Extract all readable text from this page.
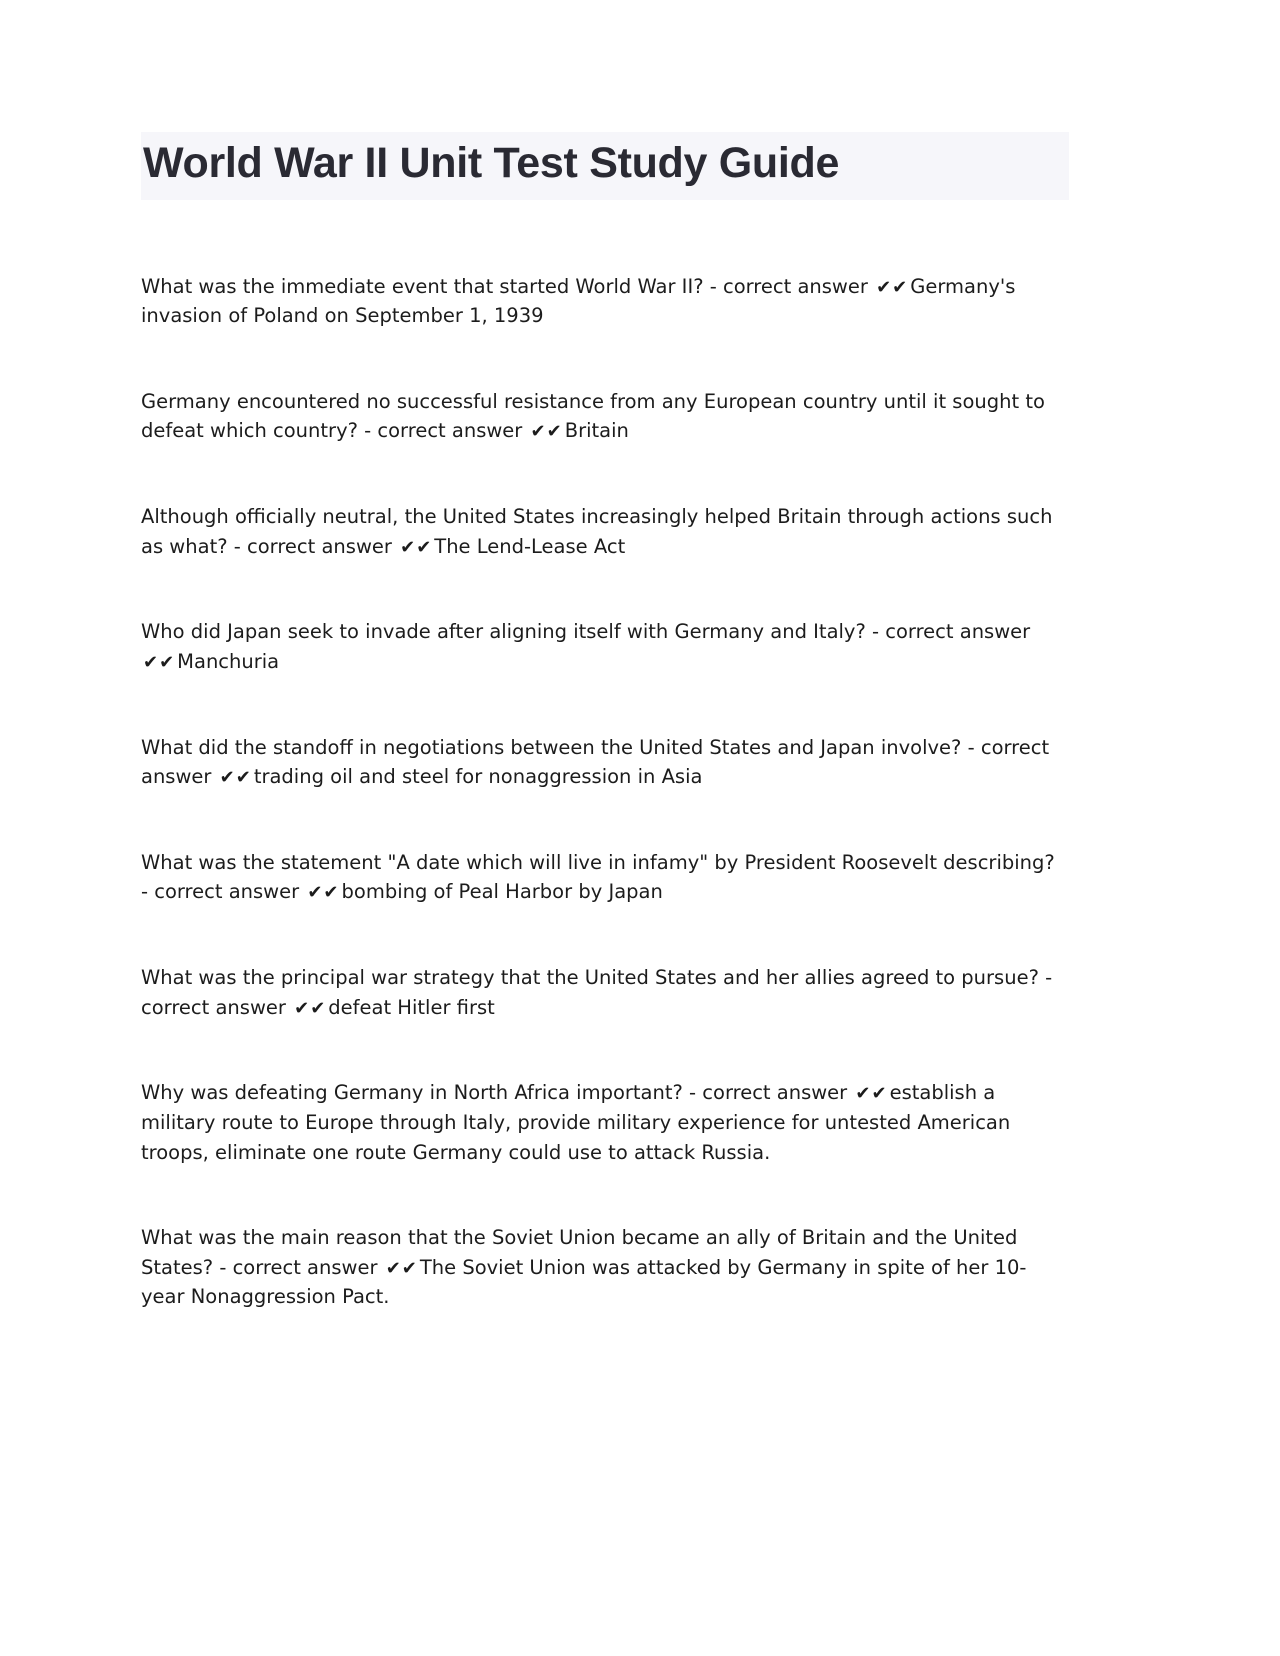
World War II Unit Test Study Guide

What was the immediate event that started World War II? - correct answer ✔✔ Germany's invasion of Poland on September 1, 1939

Germany encountered no successful resistance from any European country until it sought to defeat which country? - correct answer ✔✔ Britain

Although officially neutral, the United States increasingly helped Britain through actions such as what? - correct answer ✔✔ The Lend-Lease Act

Who did Japan seek to invade after aligning itself with Germany and Italy? - correct answer ✔✔ Manchuria

What did the standoff in negotiations between the United States and Japan involve? - correct answer ✔✔ trading oil and steel for nonaggression in Asia

What was the statement "A date which will live in infamy" by President Roosevelt describing? - correct answer ✔✔ bombing of Peal Harbor by Japan

What was the principal war strategy that the United States and her allies agreed to pursue? - correct answer ✔✔ defeat Hitler first

Why was defeating Germany in North Africa important? - correct answer ✔✔ establish a military route to Europe through Italy, provide military experience for untested American troops, eliminate one route Germany could use to attack Russia.

What was the main reason that the Soviet Union became an ally of Britain and the United States? - correct answer ✔✔ The Soviet Union was attacked by Germany in spite of her 10-year Nonaggression Pact.
